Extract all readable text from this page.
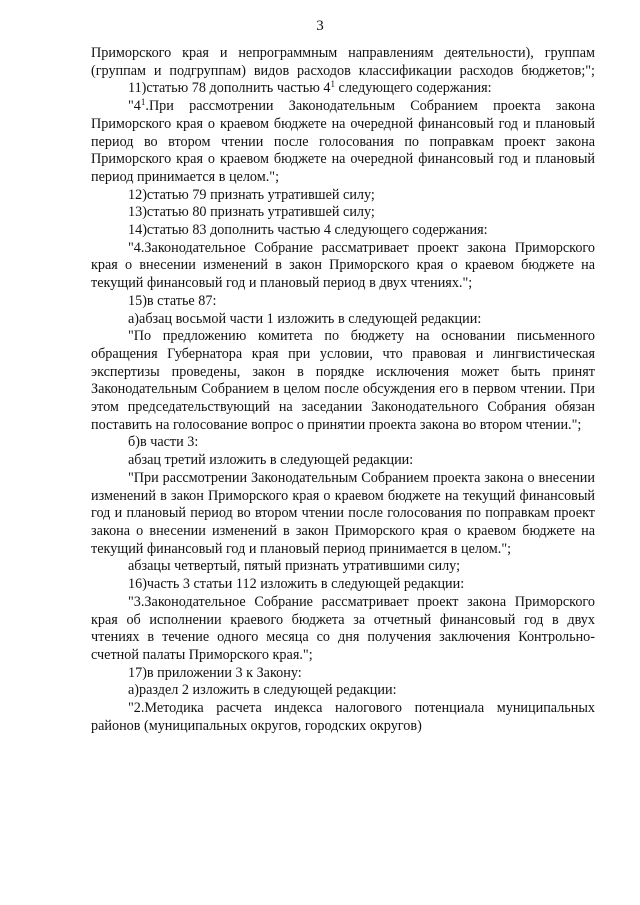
3

Приморского края и непрограммным направлениям деятельности), группам (группам и подгруппам) видов расходов классификации расходов бюджетов;";

11)статью 78 дополнить частью $4^1$ следующего содержания:

"$4^1.При$ рассмотрении Законодательным Собранием проекта закона Приморского края о краевом бюджете на очередной финансовый год и плановый период во втором чтении после голосования по поправкам проект закона Приморского края о краевом бюджете на очередной финансовый год и плановый период принимается в целом.";

12)статью 79 признать утратившей силу;

13)статью 80 признать утратившей силу;

14)статью 83 дополнить частью 4 следующего содержания:

"4.Законодательное Собрание рассматривает проект закона Приморского края о внесении изменений в закон Приморского края о краевом бюджете на текущий финансовый год и плановый период в двух чтениях.";

15)в статье 87:

а)абзац восьмой части 1 изложить в следующей редакции:

"По предложению комитета по бюджету на основании письменного обращения Губернатора края при условии, что правовая и лингвистическая экспертизы проведены, закон в порядке исключения может быть принят Законодательным Собранием в целом после обсуждения его в первом чтении. При этом председательствующий на заседании Законодательного Собрания обязан поставить на голосование вопрос о принятии проекта закона во втором чтении.";

б)в части 3:

абзац третий изложить в следующей редакции:

"При рассмотрении Законодательным Собранием проекта закона о внесении изменений в закон Приморского края о краевом бюджете на текущий финансовый год и плановый период во втором чтении после голосования по поправкам проект закона о внесении изменений в закон Приморского края о краевом бюджете на текущий финансовый год и плановый период принимается в целом.";

абзацы четвертый, пятый признать утратившими силу;

16)часть 3 статьи 112 изложить в следующей редакции:

"3.Законодательное Собрание рассматривает проект закона Приморского края об исполнении краевого бюджета за отчетный финансовый год в двух чтениях в течение одного месяца со дня получения заключения Контрольно-счетной палаты Приморского края.";

17)в приложении 3 к Закону:

а)раздел 2 изложить в следующей редакции:

"2.Методика расчета индекса налогового потенциала муниципальных районов (муниципальных округов, городских округов)
